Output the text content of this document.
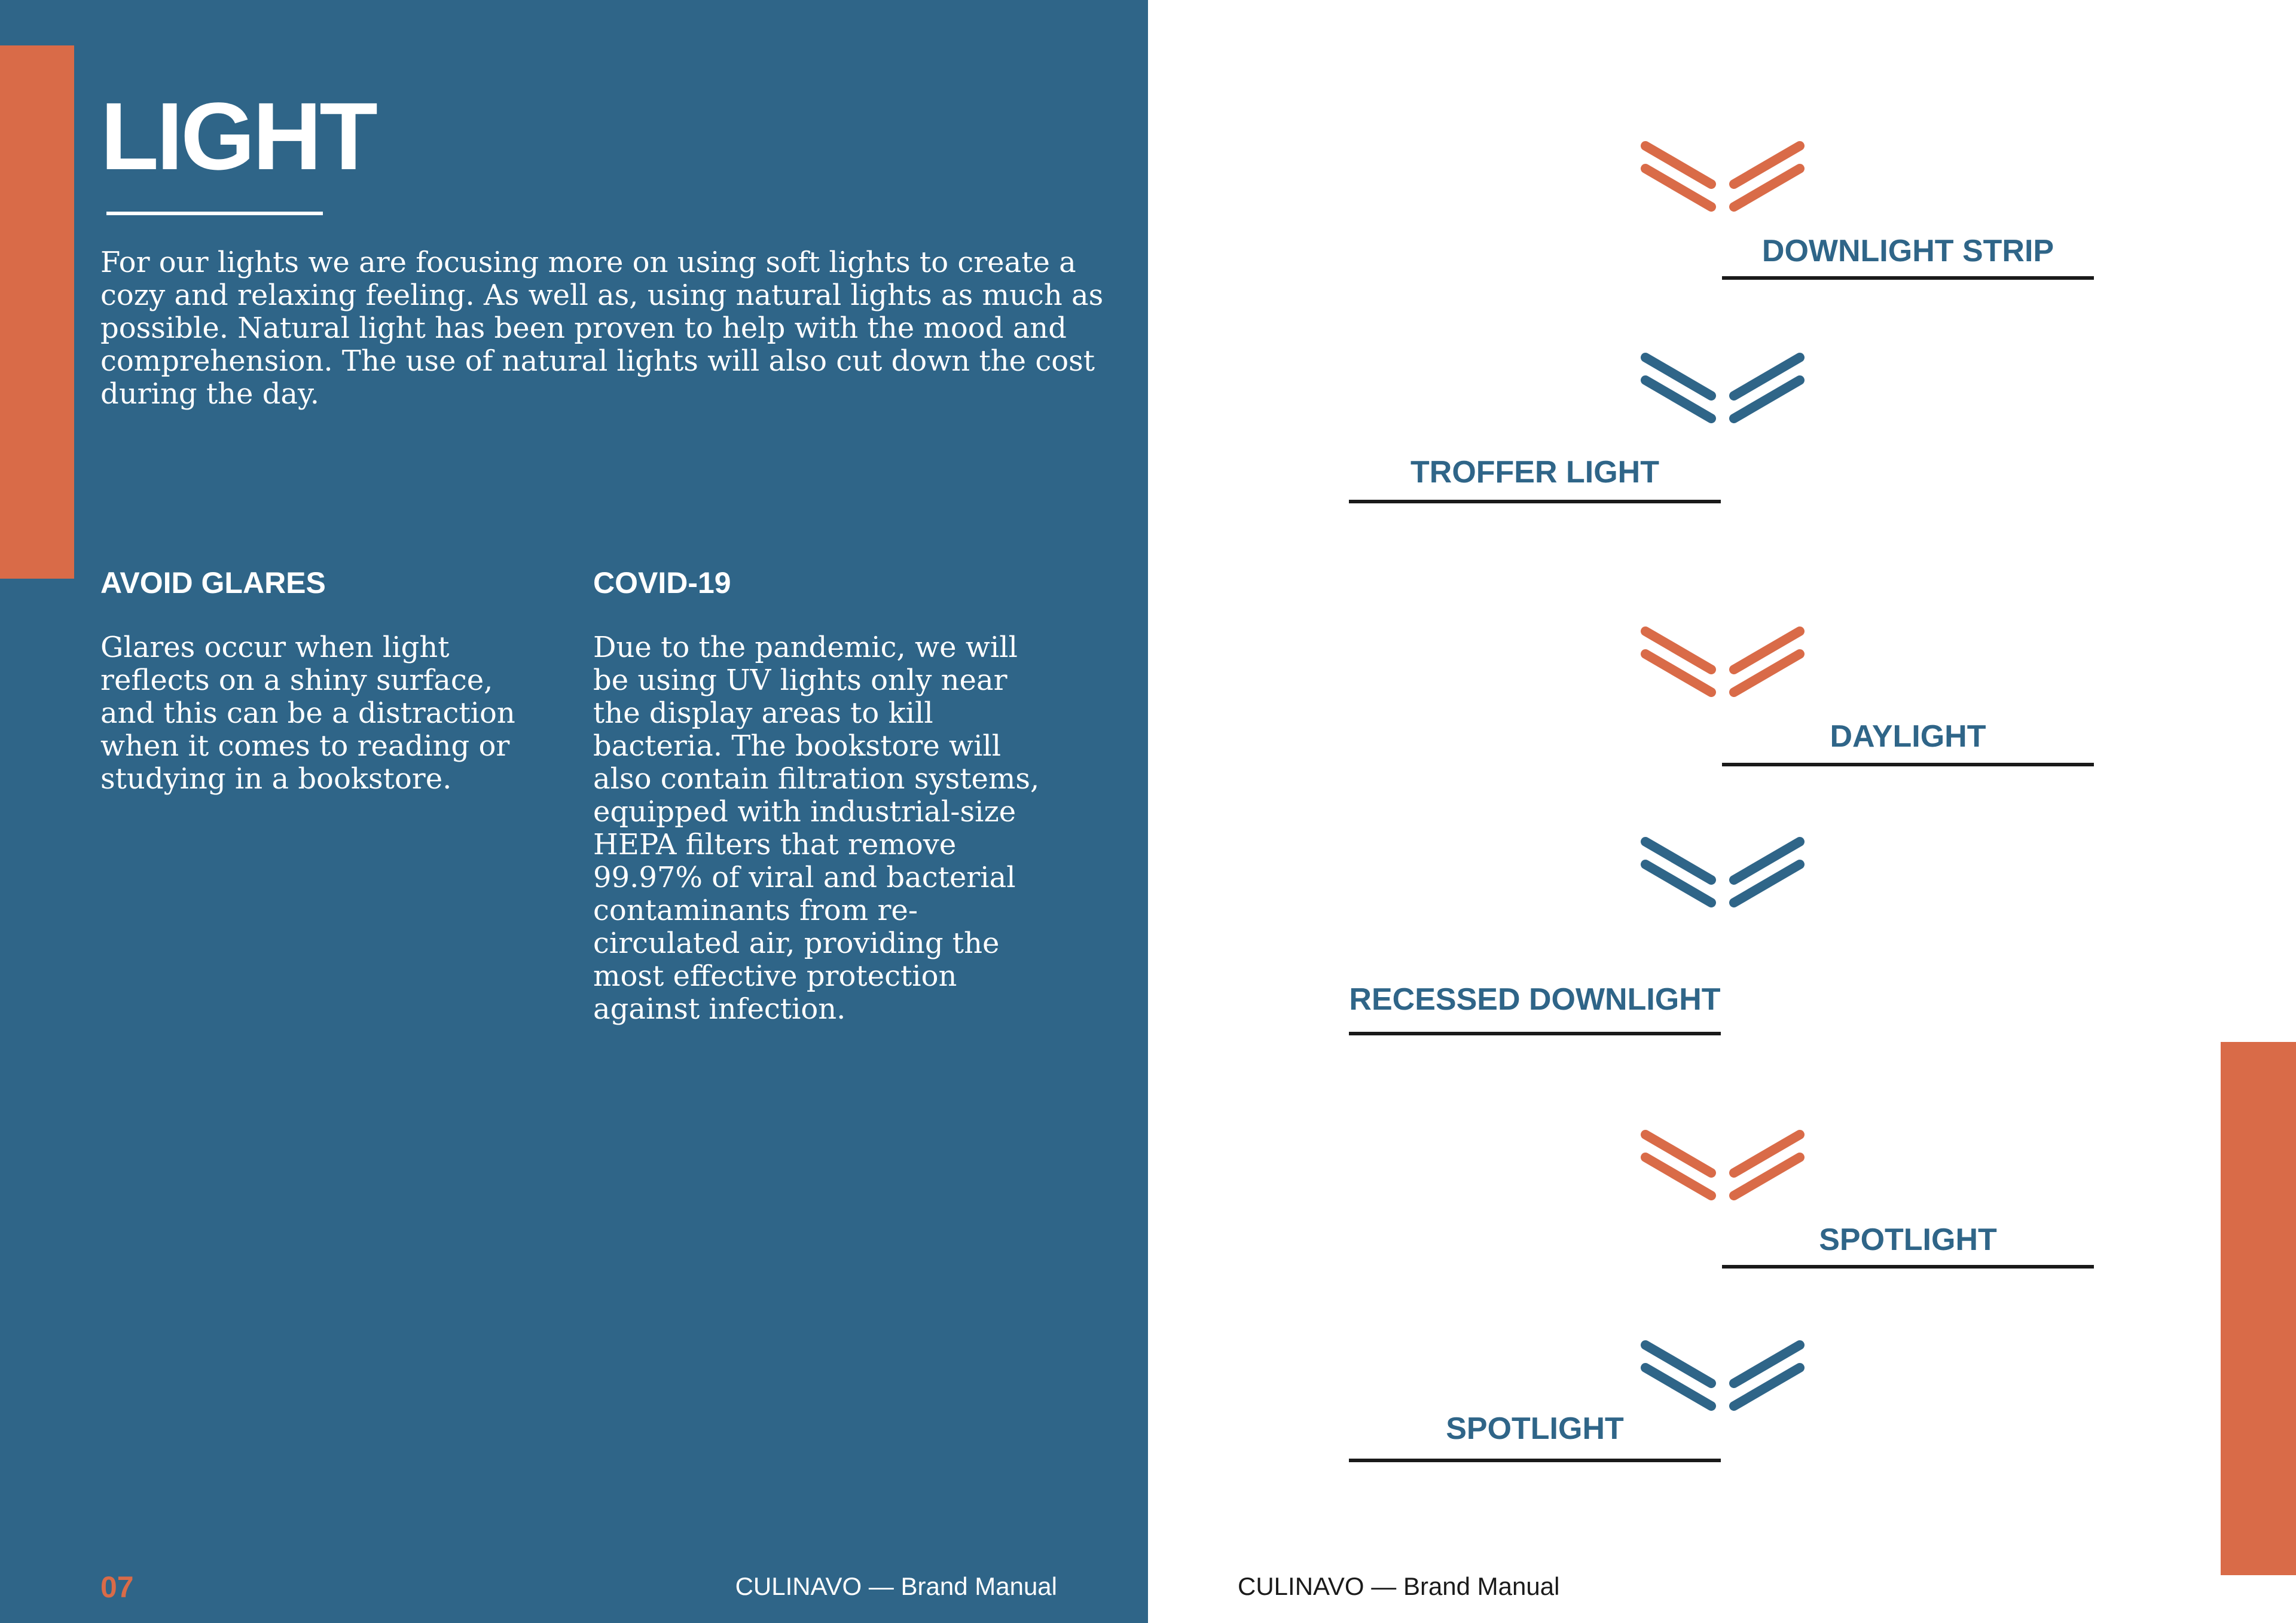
LIGHT

For our lights we are focusing more on using soft lights to create a cozy and relaxing feeling. As well as, using natural lights as much as possible. Natural light has been proven to help with the mood and comprehension. The use of natural lights will also cut down the cost during the day.

AVOID GLARES

Glares occur when light reflects on a shiny surface, and this can be a distraction when it comes to reading or studying in a bookstore.

COVID-19

Due to the pandemic, we will be using UV lights only near the display areas to kill bacteria. The bookstore will also contain filtration systems, equipped with industrial-size HEPA filters that remove 99.97% of viral and bacterial contaminants from re-circulated air, providing the most effective protection against infection.

DOWNLIGHT STRIP
TROFFER LIGHT
DAYLIGHT
RECESSED DOWNLIGHT
SPOTLIGHT
SPOTLIGHT
07	CULINAVO — Brand Manual	CULINAVO — Brand Manual
